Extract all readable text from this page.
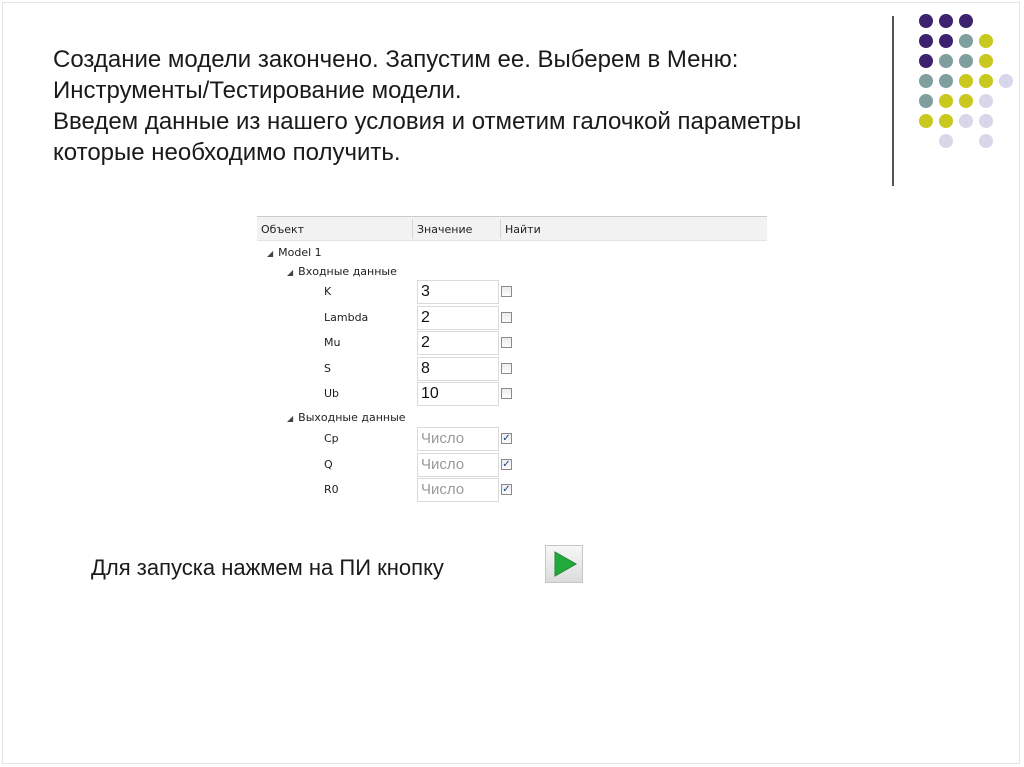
Создание модели закончено. Запустим ее. Выберем в Меню:
Инструменты/Тестирование модели.
Введем данные из нашего условия и отметим галочкой параметры
которые необходимо получить.

Объект	Значение	Найти
◢ Model 1
◢ Входные данные
K	3
Lambda	2
Mu	2
S	8
Ub	10
◢ Выходные данные
Cp	Число	✓
Q	Число	✓
R0	Число	✓
Для запуска нажмем на ПИ кнопку
